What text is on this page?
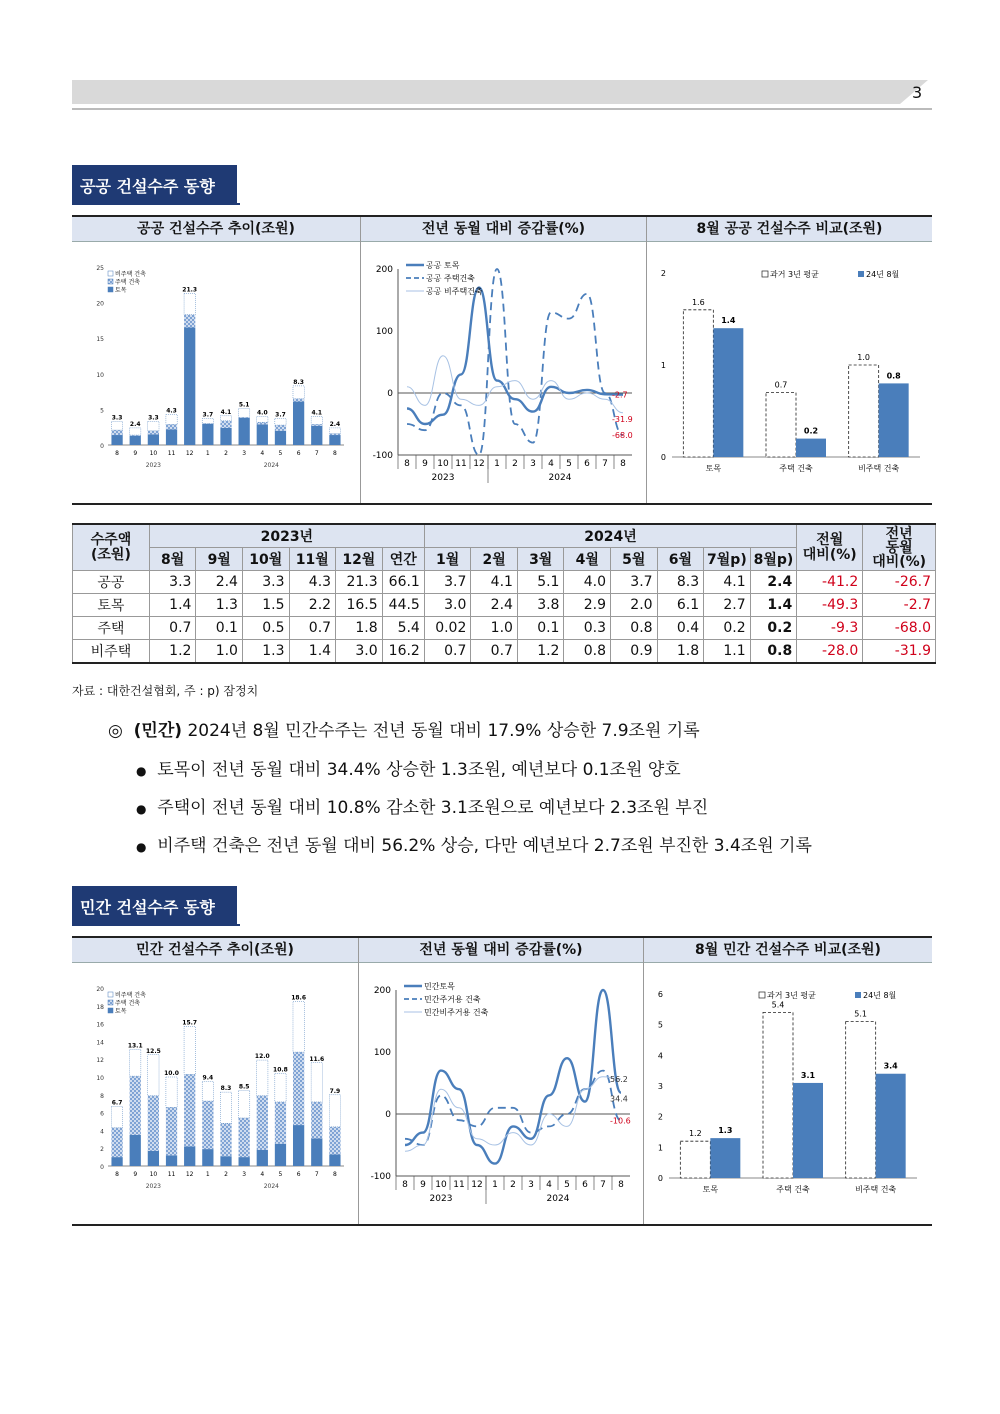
3
공공 건설수주 동향
공공 건설수주 추이(조원)	전년 동월 대비 증감률(%)	8월 공공 건설수주 비교(조원)
0
5
10
15
20
25
3.3
8
2.4
9
3.3
10
4.3
11
21.3
12
3.7
1
4.1
2
5.1
3
4.0
4
3.7
5
8.3
6
4.1
7
2.4
8
2023	2024
비주택 건축
주택 건축
토목
-100
0
100
200
8 9 10 11 12 1 2 3 4 5 6 7 8
2023	2024
공공 토목
공공 주택건축
공공 비주택건축
-2.7
-31.9
-68.0
0
1
2
1.6
1.4
토목
0.7
0.2
주택 건축
1.0
0.8
비주택 건축
과거 3년 평균	24년 8월
수주액
(조원)	2023년						2024년								전월
대비(%)	전년
동월
대비(%)
	8월	9월	10월	11월	12월	연간	1월	2월	3월	4월	5월	6월	7월p)	8월p)		
공공	3.3	2.4	3.3	4.3	21.3	66.1	3.7	4.1	5.1	4.0	3.7	8.3	4.1	2.4	-41.2	-26.7
토목	1.4	1.3	1.5	2.2	16.5	44.5	3.0	2.4	3.8	2.9	2.0	6.1	2.7	1.4	-49.3	-2.7
주택	0.7	0.1	0.5	0.7	1.8	5.4	0.02	1.0	0.1	0.3	0.8	0.4	0.2	0.2	-9.3	-68.0
비주택	1.2	1.0	1.3	1.4	3.0	16.2	0.7	0.7	1.2	0.8	0.9	1.8	1.1	0.8	-28.0	-31.9
자료 : 대한건설협회, 주 : p) 잠정치
◎ (민간) 2024년 8월 민간수주는 전년 동월 대비 17.9% 상승한 7.9조원 기록
● 토목이 전년 동월 대비 34.4% 상승한 1.3조원, 예년보다 0.1조원 양호
● 주택이 전년 동월 대비 10.8% 감소한 3.1조원으로 예년보다 2.3조원 부진
● 비주택 건축은 전년 동월 대비 56.2% 상승, 다만 예년보다 2.7조원 부진한 3.4조원 기록
민간 건설수주 동향
민간 건설수주 추이(조원)	전년 동월 대비 증감률(%)	8월 민간 건설수주 비교(조원)
0
2
4
6
8
10
12
14
16
18
20
6.7
8
13.1
9
12.5
10
10.0
11
15.7
12
9.4
1
8.3
2
8.5
3
12.0
4
10.8
5
18.6
6
11.6
7
7.9
8
2023	2024
비주택 건축
주택 건축
토목
-100
0
100
200
8 9 10 11 12 1 2 3 4 5 6 7 8
2023	2024
민간토목
민간주거용 건축
민간비주거용 건축
56.2
34.4
-10.6
0
1
2
3
4
5
6
1.2 1.3
토목
5.4
3.1
주택 건축
5.1
3.4
비주택 건축
과거 3년 평균	24년 8월
